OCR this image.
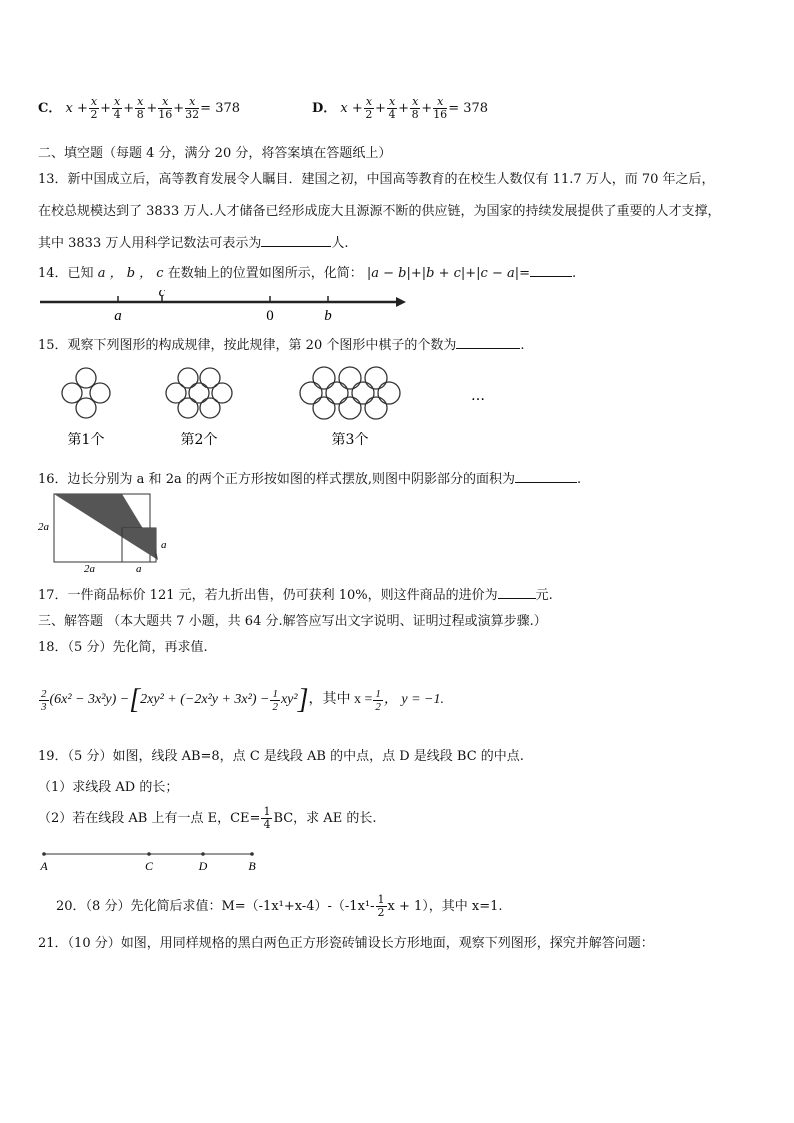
C． $x + \frac{x}{2} + \frac{x}{4} + \frac{x}{8} + \frac{x}{16} + \frac{x}{32} = 378$	D． $x + \frac{x}{2} + \frac{x}{4} + \frac{x}{8} + \frac{x}{16} = 378$
二、填空题（每题 4 分，满分 20 分，将答案填在答题纸上）
13．新中国成立后，高等教育发展令人瞩目．建国之初，中国高等教育的在校生人数仅有 11.7 万人，而 70 年之后，
在校总规模达到了 3833 万人.人才储备已经形成庞大且源源不断的供应链，为国家的持续发展提供了重要的人才支撑，
其中 3833 万人用科学记数法可表示为	人.
14．已知 a ， b ， c 在数轴上的位置如图所示，化简： |a − b|+|b + c|+|c − a|=	.
a
c
0	b
15．观察下列图形的构成规律，按此规律，第 20 个图形中棋子的个数为	.
第1个	第2个	第3个
…
16．边长分别为 a 和 2a 的两个正方形按如图的样式摆放,则图中阴影部分的面积为	.
2a
2a	a
a
17．一件商品标价 121 元，若九折出售，仍可获利 10%，则这件商品的进价为	元.
三、解答题 （本大题共 7 小题，共 64 分.解答应写出文字说明、证明过程或演算步骤.）
18．（5 分）先化简，再求值.
$\frac{2}{3} (6x^2 - 3x^2y) -[2xy^2 + (-2x^2y + 3x^2) - \frac{1}{2} xy^2]$，其中 $x = \frac{1}{2}$ ， y = −1.
19．（5 分）如图，线段 AB=8，点 C 是线段 AB 的中点，点 D 是线段 BC 的中点.
（1）求线段 AD 的长；
（2）若在线段 AB 上有一点 E，$CE= \frac{1}{4}$ BC，求 AE 的长.
A	C	D	B
20．（8 分）先化简后求值：$M=(-1x^1+x-4)-(-1x^1- \frac{1}{2}$ x + 1），其中 x=1.
21．（10 分）如图，用同样规格的黑白两色正方形瓷砖铺设长方形地面，观察下列图形，探究并解答问题：
